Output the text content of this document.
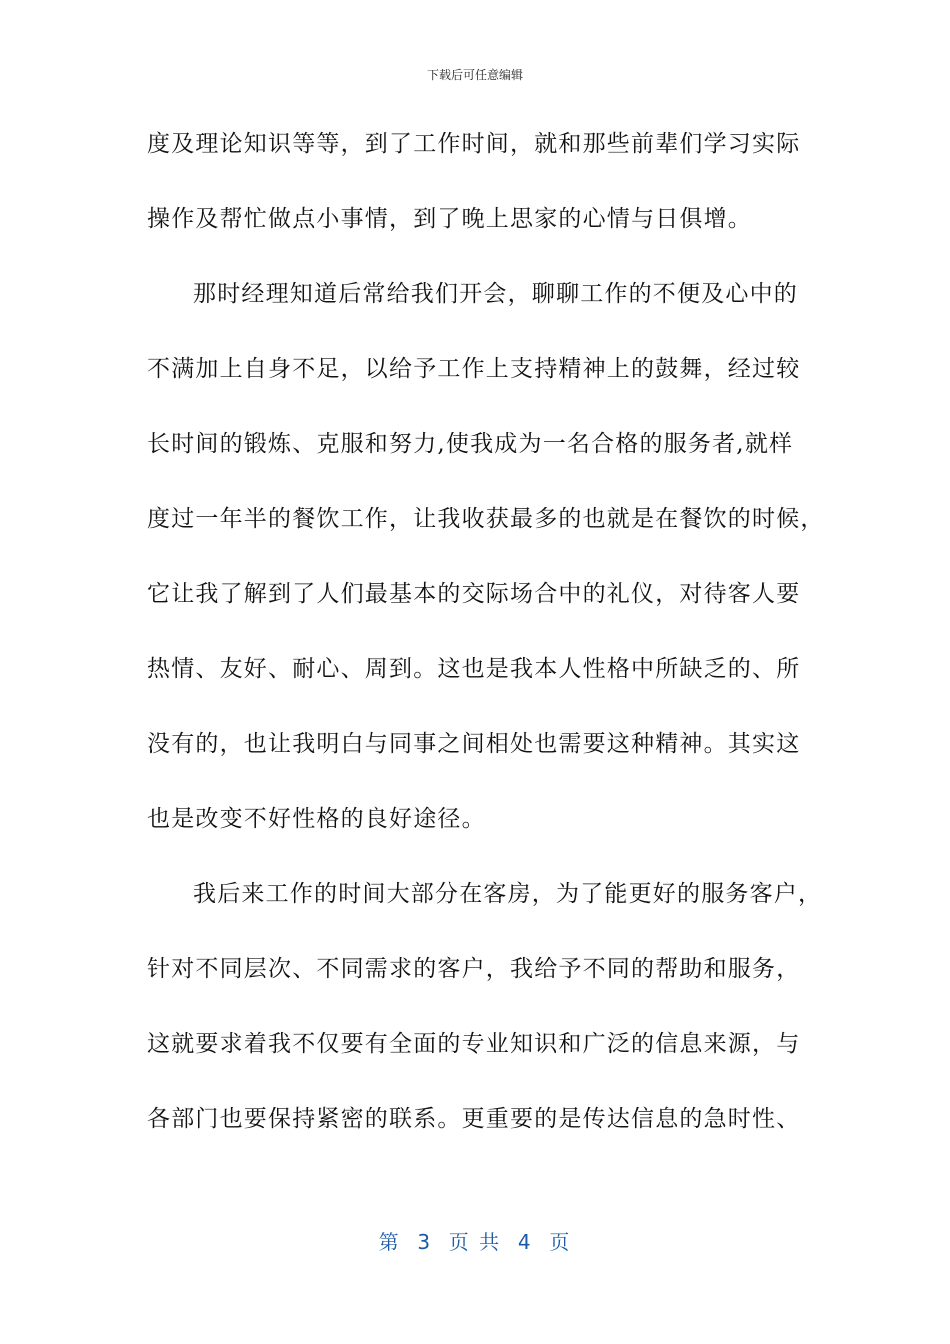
下载后可任意编辑
度及理论知识等等，到了工作时间，就和那些前辈们学习实际
操作及帮忙做点小事情，到了晚上思家的心情与日俱增。
那时经理知道后常给我们开会，聊聊工作的不便及心中的
不满加上自身不足，以给予工作上支持精神上的鼓舞，经过较
长时间的锻炼、克服和努力,使我成为一名合格的服务者,就样
度过一年半的餐饮工作，让我收获最多的也就是在餐饮的时候，
它让我了解到了人们最基本的交际场合中的礼仪，对待客人要
热情、友好、耐心、周到。这也是我本人性格中所缺乏的、所
没有的，也让我明白与同事之间相处也需要这种精神。其实这
也是改变不好性格的良好途径。
我后来工作的时间大部分在客房，为了能更好的服务客户，
针对不同层次、不同需求的客户，我给予不同的帮助和服务，
这就要求着我不仅要有全面的专业知识和广泛的信息来源，与
各部门也要保持紧密的联系。更重要的是传达信息的急时性、
第  3  页 共  4  页
